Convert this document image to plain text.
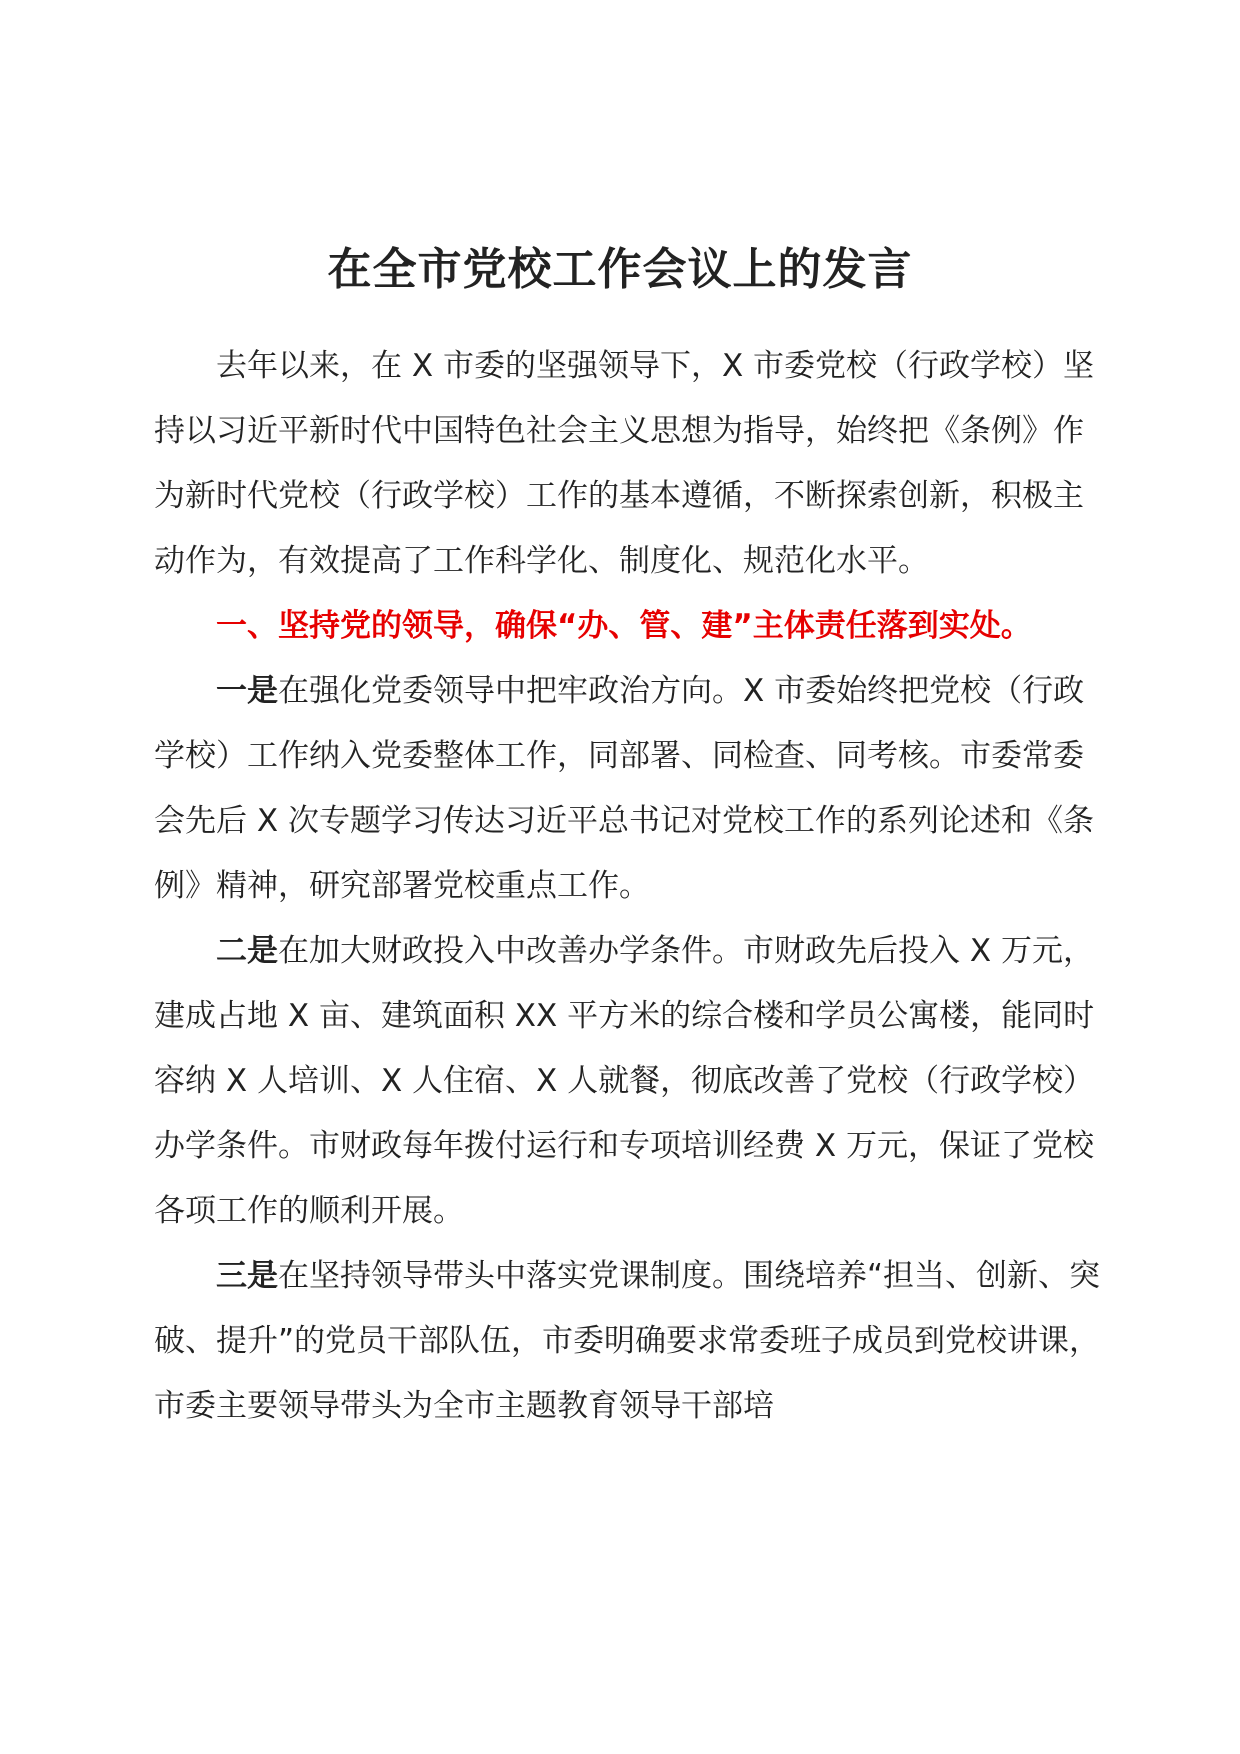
在全市党校工作会议上的发言

去年以来，在 X 市委的坚强领导下，X 市委党校（行政学校）坚持以习近平新时代中国特色社会主义思想为指导，始终把《条例》作为新时代党校（行政学校）工作的基本遵循，不断探索创新，积极主动作为，有效提高了工作科学化、制度化、规范化水平。

一、坚持党的领导，确保“办、管、建”主体责任落到实处。

一是在强化党委领导中把牢政治方向。X 市委始终把党校（行政学校）工作纳入党委整体工作，同部署、同检查、同考核。市委常委会先后 X 次专题学习传达习近平总书记对党校工作的系列论述和《条例》精神，研究部署党校重点工作。

二是在加大财政投入中改善办学条件。市财政先后投入 X 万元，建成占地 X 亩、建筑面积 XX 平方米的综合楼和学员公寓楼，能同时容纳 X 人培训、X 人住宿、X 人就餐，彻底改善了党校（行政学校）办学条件。市财政每年拨付运行和专项培训经费 X 万元，保证了党校各项工作的顺利开展。

三是在坚持领导带头中落实党课制度。围绕培养“担当、创新、突破、提升”的党员干部队伍，市委明确要求常委班子成员到党校讲课，市委主要领导带头为全市主题教育领导干部培
